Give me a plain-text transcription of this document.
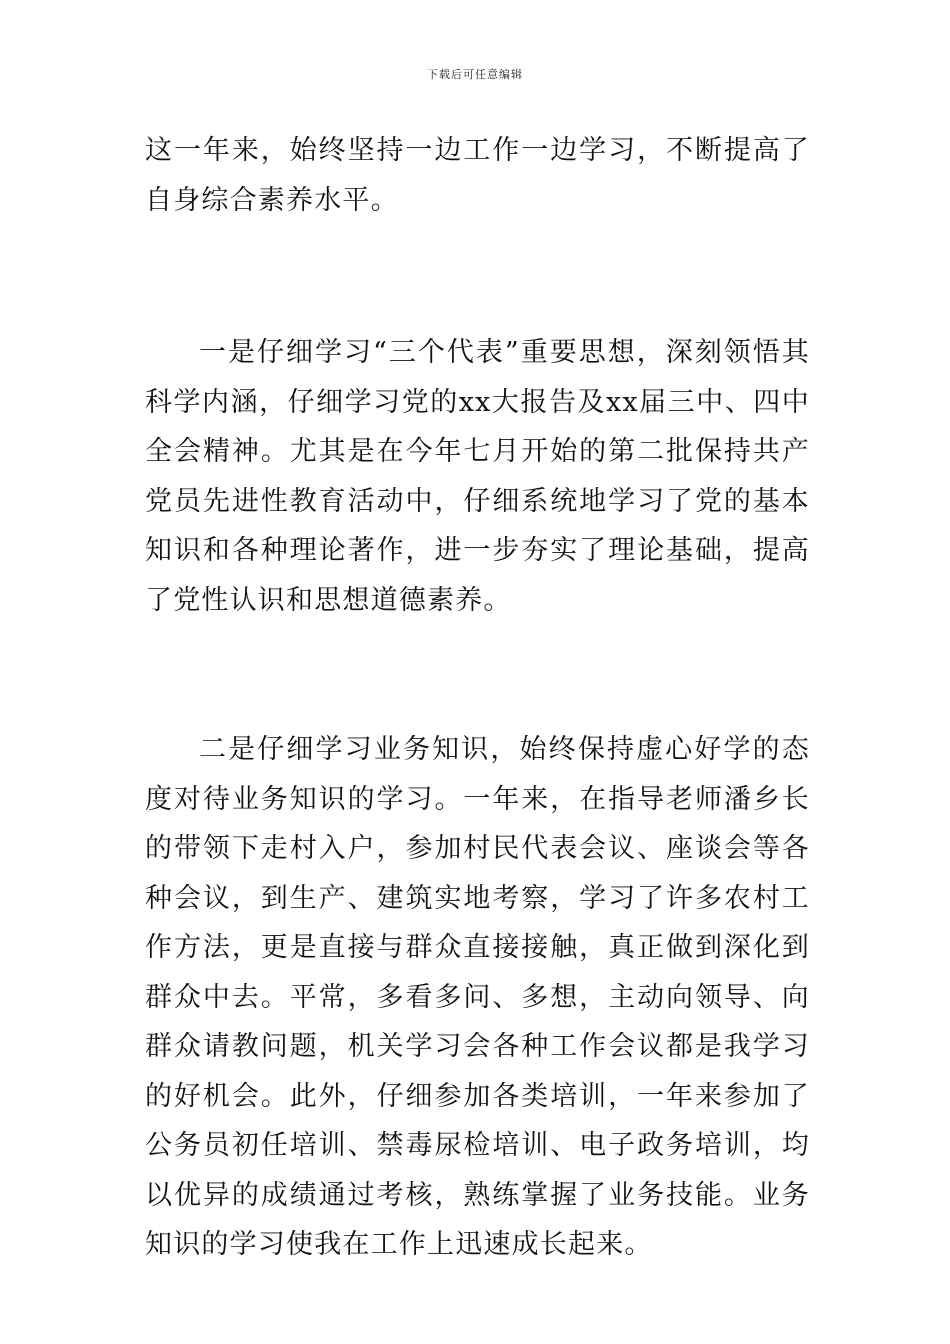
下载后可任意编辑

这一年来，始终坚持一边工作一边学习，不断提高了自身综合素养水平。

一是仔细学习“三个代表”重要思想，深刻领悟其科学内涵，仔细学习党的xx大报告及xx届三中、四中全会精神。尤其是在今年七月开始的第二批保持共产党员先进性教育活动中，仔细系统地学习了党的基本知识和各种理论著作，进一步夯实了理论基础，提高了党性认识和思想道德素养。

二是仔细学习业务知识，始终保持虚心好学的态度对待业务知识的学习。一年来，在指导老师潘乡长的带领下走村入户，参加村民代表会议、座谈会等各种会议，到生产、建筑实地考察，学习了许多农村工作方法，更是直接与群众直接接触，真正做到深化到群众中去。平常，多看多问、多想，主动向领导、向群众请教问题，机关学习会各种工作会议都是我学习的好机会。此外，仔细参加各类培训，一年来参加了公务员初任培训、禁毒尿检培训、电子政务培训，均以优异的成绩通过考核，熟练掌握了业务技能。业务知识的学习使我在工作上迅速成长起来。
